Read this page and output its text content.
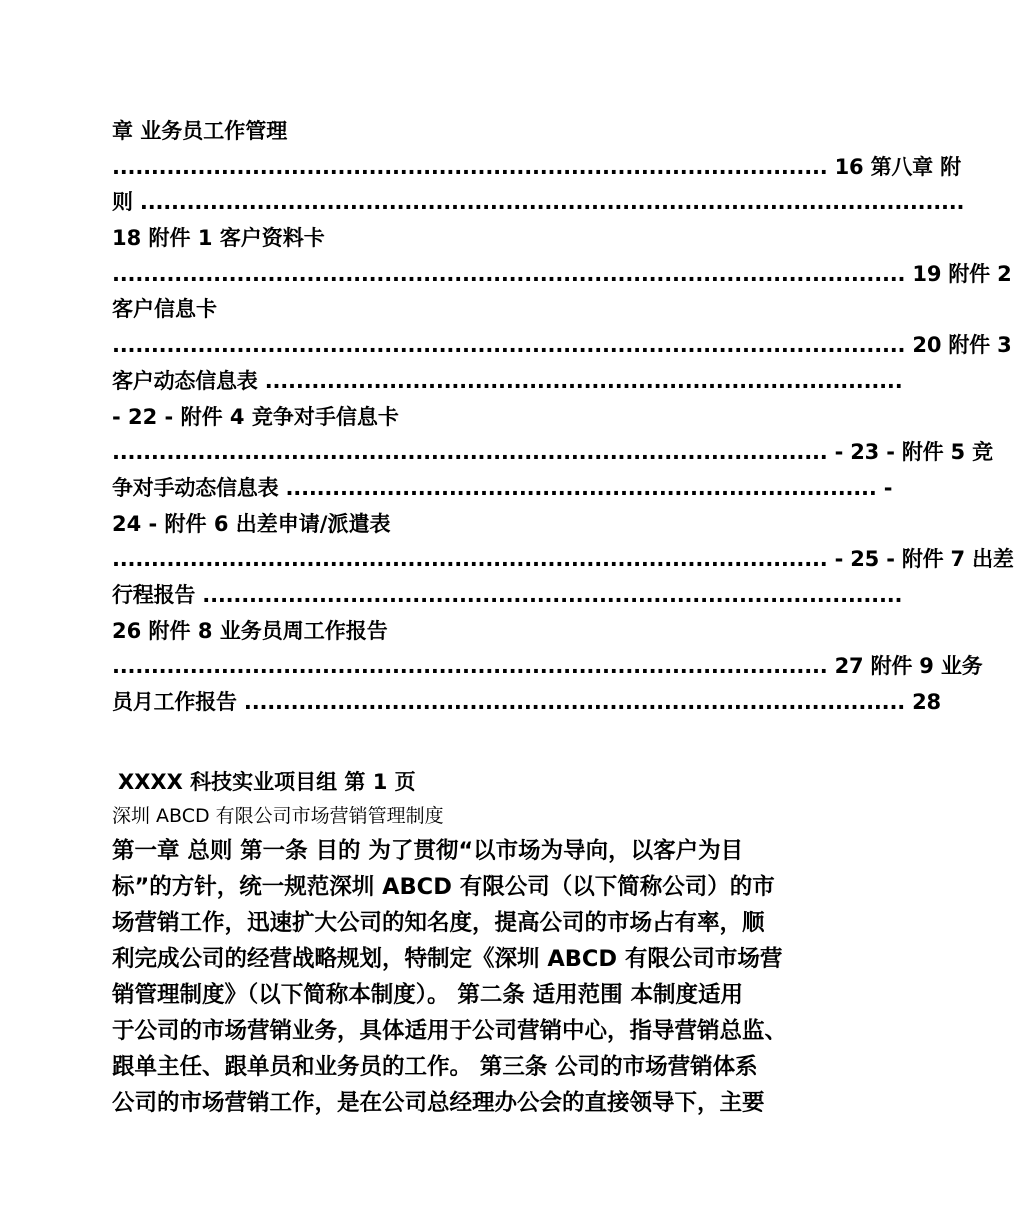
章 业务员工作管理
............................................................................................ 16 第八章 附
则 ..........................................................................................................
18 附件 1 客户资料卡
...................................................................................................... 19 附件 2
客户信息卡
...................................................................................................... 20 附件 3
客户动态信息表 ..................................................................................
- 22 - 附件 4 竞争对手信息卡
............................................................................................ - 23 - 附件 5 竞
争对手动态信息表 ............................................................................ -
24 - 附件 6 出差申请/派遣表
............................................................................................ - 25 - 附件 7 出差
行程报告 ..........................................................................................
26 附件 8 业务员周工作报告
............................................................................................ 27 附件 9 业务
员月工作报告 ..................................................................................... 28
XXXX 科技实业项目组 第 1 页
深圳 ABCD 有限公司市场营销管理制度
第一章 总则 第一条 目的 为了贯彻“以市场为导向，以客户为目
标”的方针，统一规范深圳 ABCD 有限公司（以下简称公司）的市
场营销工作，迅速扩大公司的知名度，提高公司的市场占有率，顺
利完成公司的经营战略规划，特制定《深圳 ABCD 有限公司市场营
销管理制度》（以下简称本制度）。 第二条 适用范围 本制度适用
于公司的市场营销业务，具体适用于公司营销中心，指导营销总监、
跟单主任、跟单员和业务员的工作。 第三条 公司的市场营销体系
公司的市场营销工作，是在公司总经理办公会的直接领导下，主要
